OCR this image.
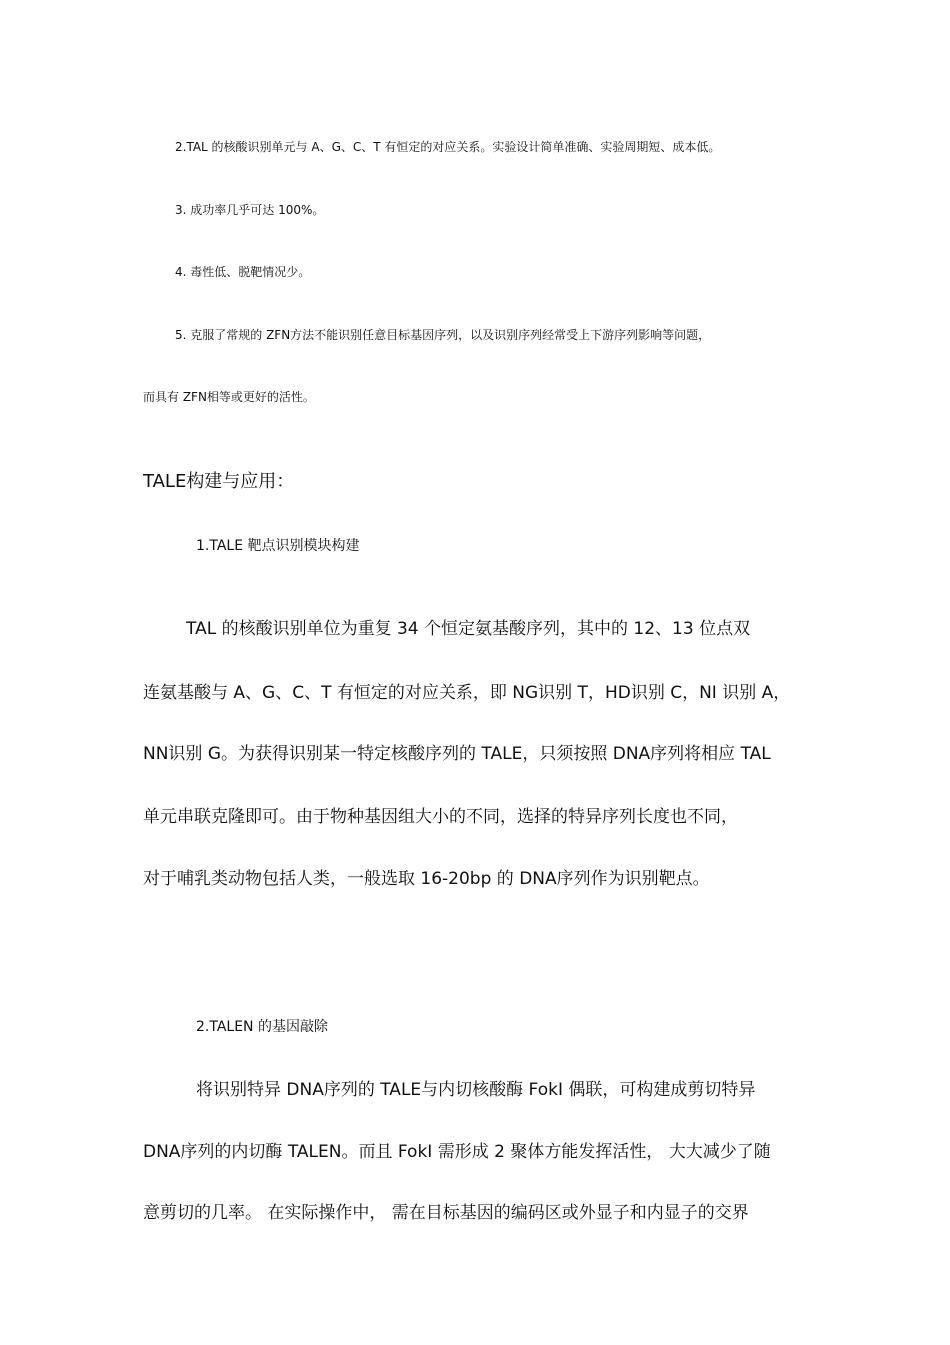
2.TAL 的核酸识别单元与 A、G、C、T 有恒定的对应关系。实验设计简单准确、实验周期短、成本低。

3. 成功率几乎可达 100%。

4. 毒性低、脱靶情况少。

5. 克服了常规的 ZFN方法不能识别任意目标基因序列，以及识别序列经常受上下游序列影响等问题，

而具有 ZFN相等或更好的活性。

TALE构建与应用：

1.TALE 靶点识别模块构建

TAL 的核酸识别单位为重复 34 个恒定氨基酸序列，其中的 12、13 位点双

连氨基酸与 A、G、C、T 有恒定的对应关系，即 NG识别 T，HD识别 C，NI 识别 A，

NN识别 G。为获得识别某一特定核酸序列的 TALE，只须按照 DNA序列将相应 TAL

单元串联克隆即可。由于物种基因组大小的不同，选择的特异序列长度也不同，

对于哺乳类动物包括人类，一般选取 16-20bp 的 DNA序列作为识别靶点。

2.TALEN 的基因敲除

将识别特异 DNA序列的 TALE与内切核酸酶 FokI 偶联，可构建成剪切特异

DNA序列的内切酶 TALEN。而且 FokI 需形成 2 聚体方能发挥活性， 大大减少了随

意剪切的几率。 在实际操作中， 需在目标基因的编码区或外显子和内显子的交界
